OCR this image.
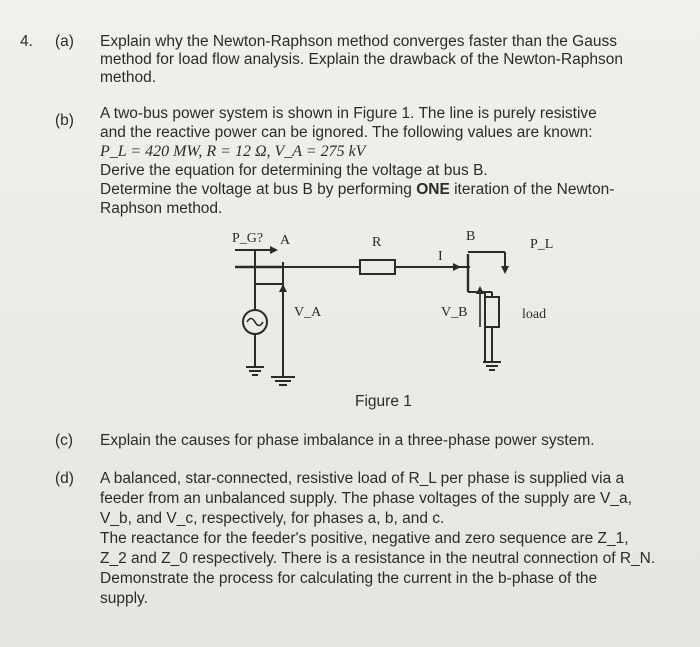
4. (a) Explain why the Newton-Raphson method converges faster than the Gauss
method for load flow analysis. Explain the drawback of the Newton-Raphson
method.
(b) A two-bus power system is shown in Figure 1. The line is purely resistive
and the reactive power can be ignored. The following values are known:
P_L = 420 MW, R = 12 Ω, V_A = 275 kV
Derive the equation for determining the voltage at bus B.
Determine the voltage at bus B by performing ONE iteration of the Newton-
Raphson method.
P_G? A	R
I
B
P_L
V_A	V_B	load
Figure 1
(c) Explain the causes for phase imbalance in a three-phase power system.
(d) A balanced, star-connected, resistive load of R_L per phase is supplied via a
feeder from an unbalanced supply. The phase voltages of the supply are V_a,
V_b, and V_c, respectively, for phases a, b, and c.
The reactance for the feeder's positive, negative and zero sequence are Z_1,
Z_2 and Z_0 respectively. There is a resistance in the neutral connection of R_N.
Demonstrate the process for calculating the current in the b-phase of the
supply.
